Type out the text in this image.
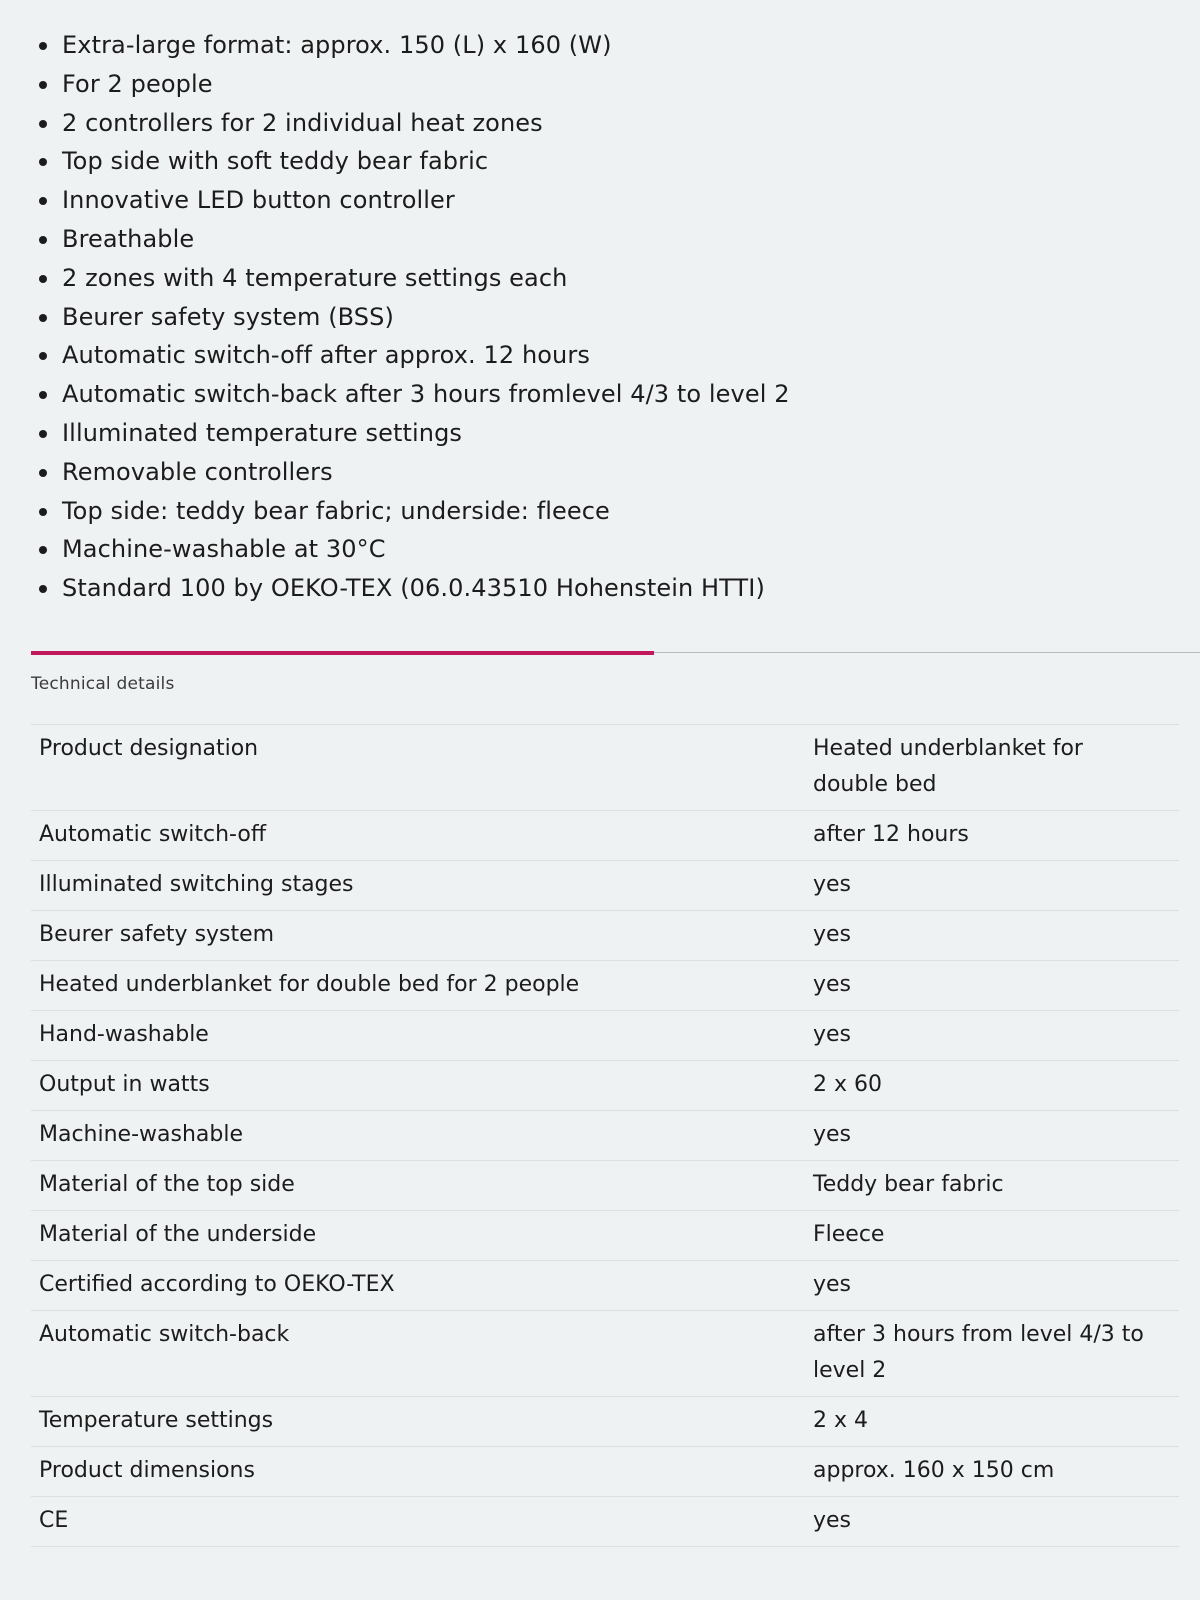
Extra-large format: approx. 150 (L) x 160 (W)
For 2 people
2 controllers for 2 individual heat zones
Top side with soft teddy bear fabric
Innovative LED button controller
Breathable
2 zones with 4 temperature settings each
Beurer safety system (BSS)
Automatic switch-off after approx. 12 hours
Automatic switch-back after 3 hours fromlevel 4/3 to level 2
Illuminated temperature settings
Removable controllers
Top side: teddy bear fabric; underside: fleece
Machine-washable at 30°C
Standard 100 by OEKO-TEX (06.0.43510 Hohenstein HTTI)
Technical details
Product designation	Heated underblanket for double bed
Automatic switch-off	after 12 hours
Illuminated switching stages	yes
Beurer safety system	yes
Heated underblanket for double bed for 2 people	yes
Hand-washable	yes
Output in watts	2 x 60
Machine-washable	yes
Material of the top side	Teddy bear fabric
Material of the underside	Fleece
Certified according to OEKO-TEX	yes
Automatic switch-back	after 3 hours from level 4/3 to level 2
Temperature settings	2 x 4
Product dimensions	approx. 160 x 150 cm
CE	yes
